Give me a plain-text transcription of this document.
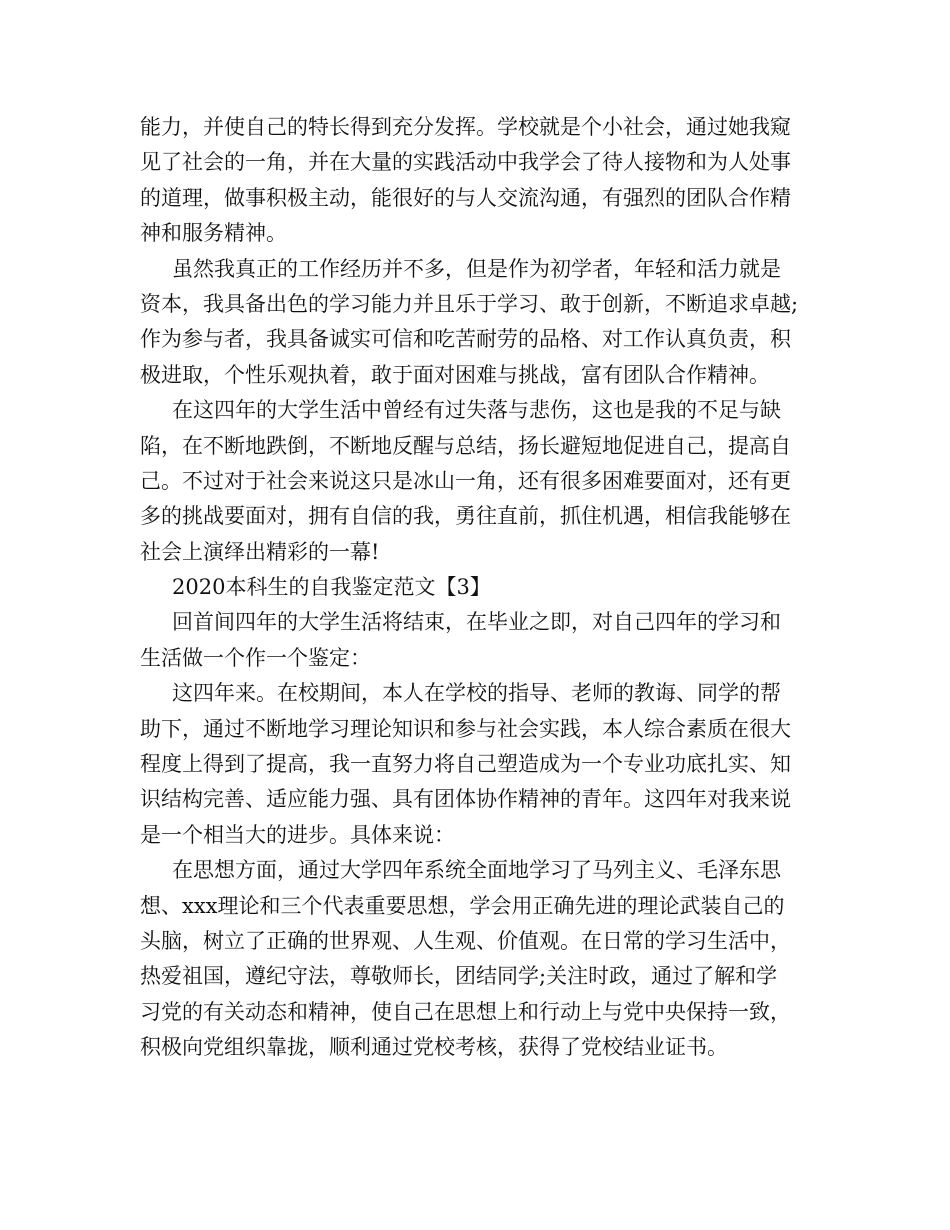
能力，并使自己的特长得到充分发挥。学校就是个小社会，通过她我窥
见了社会的一角，并在大量的实践活动中我学会了待人接物和为人处事
的道理，做事积极主动，能很好的与人交流沟通，有强烈的团队合作精
神和服务精神。
虽然我真正的工作经历并不多，但是作为初学者，年轻和活力就是
资本，我具备出色的学习能力并且乐于学习、敢于创新，不断追求卓越;
作为参与者，我具备诚实可信和吃苦耐劳的品格、对工作认真负责，积
极进取，个性乐观执着，敢于面对困难与挑战，富有团队合作精神。
在这四年的大学生活中曾经有过失落与悲伤，这也是我的不足与缺
陷，在不断地跌倒，不断地反醒与总结，扬长避短地促进自己，提高自
己。不过对于社会来说这只是冰山一角，还有很多困难要面对，还有更
多的挑战要面对，拥有自信的我，勇往直前，抓住机遇，相信我能够在
社会上演绎出精彩的一幕!
2020本科生的自我鉴定范文【3】
回首间四年的大学生活将结束，在毕业之即，对自己四年的学习和
生活做一个作一个鉴定：
这四年来。在校期间，本人在学校的指导、老师的教诲、同学的帮
助下，通过不断地学习理论知识和参与社会实践，本人综合素质在很大
程度上得到了提高，我一直努力将自己塑造成为一个专业功底扎实、知
识结构完善、适应能力强、具有团体协作精神的青年。这四年对我来说
是一个相当大的进步。具体来说：
在思想方面，通过大学四年系统全面地学习了马列主义、毛泽东思
想、xxx理论和三个代表重要思想，学会用正确先进的理论武装自己的
头脑，树立了正确的世界观、人生观、价值观。在日常的学习生活中，
热爱祖国，遵纪守法，尊敬师长，团结同学;关注时政，通过了解和学
习党的有关动态和精神，使自己在思想上和行动上与党中央保持一致，
积极向党组织靠拢，顺利通过党校考核，获得了党校结业证书。
